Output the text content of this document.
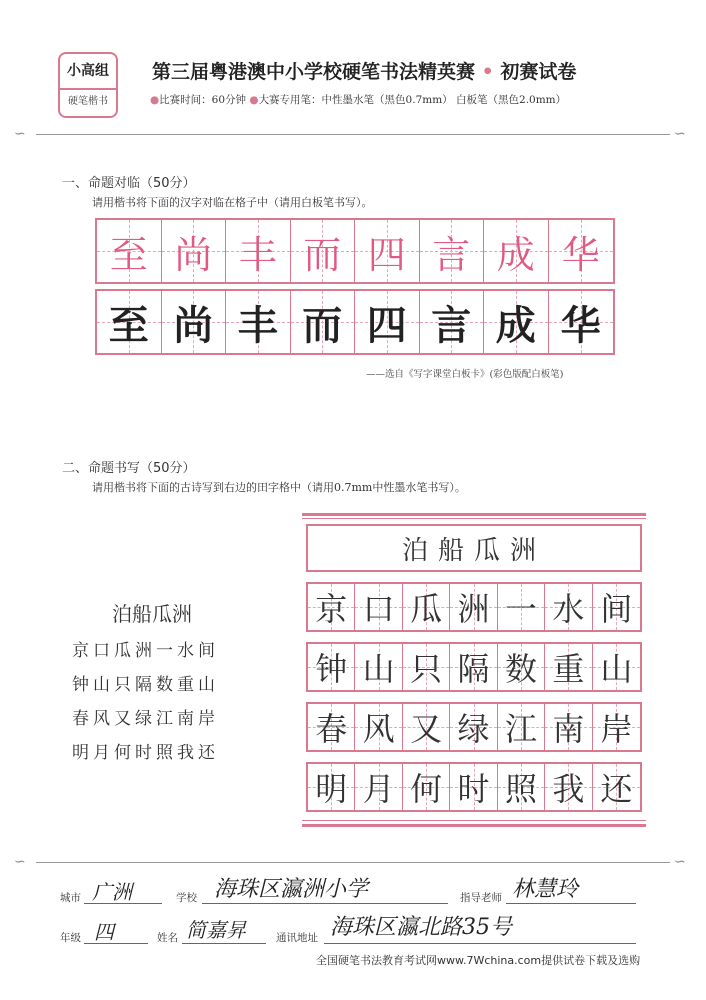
小高组
硬笔楷书
第三届粤港澳中小学校硬笔书法精英赛 • 初赛试卷
●比赛时间：60分钟 ●大赛专用笔：中性墨水笔（黑色0.7mm） 白板笔（黑色2.0mm）
∽	∽
一、命题对临（50分）
请用楷书将下面的汉字对临在格子中（请用白板笔书写）。
至 尚 丰 而 四 言 成 华
至 尚 丰 而 四 言 成 华
——选自《写字课堂白板卡》(彩色版配白板笔)
二、命题书写（50分）
请用楷书将下面的古诗写到右边的田字格中（请用0.7mm中性墨水笔书写）。
泊船瓜洲
京口瓜洲一水间
钟山只隔数重山
春风又绿江南岸
明月何时照我还
泊船瓜洲
京 口 瓜 洲 一 水 间
钟 山 只 隔 数 重 山
春 风 又 绿 江 南 岸
明 月 何 时 照 我 还
∽	∽
城市 广洲	学校 海珠区瀛洲小学	指导老师 林慧玲
年级 四	姓名 简嘉昇	通讯地址 海珠区瀛北路35号
全国硬笔书法教育考试网www.7Wchina.com提供试卷下载及选购
